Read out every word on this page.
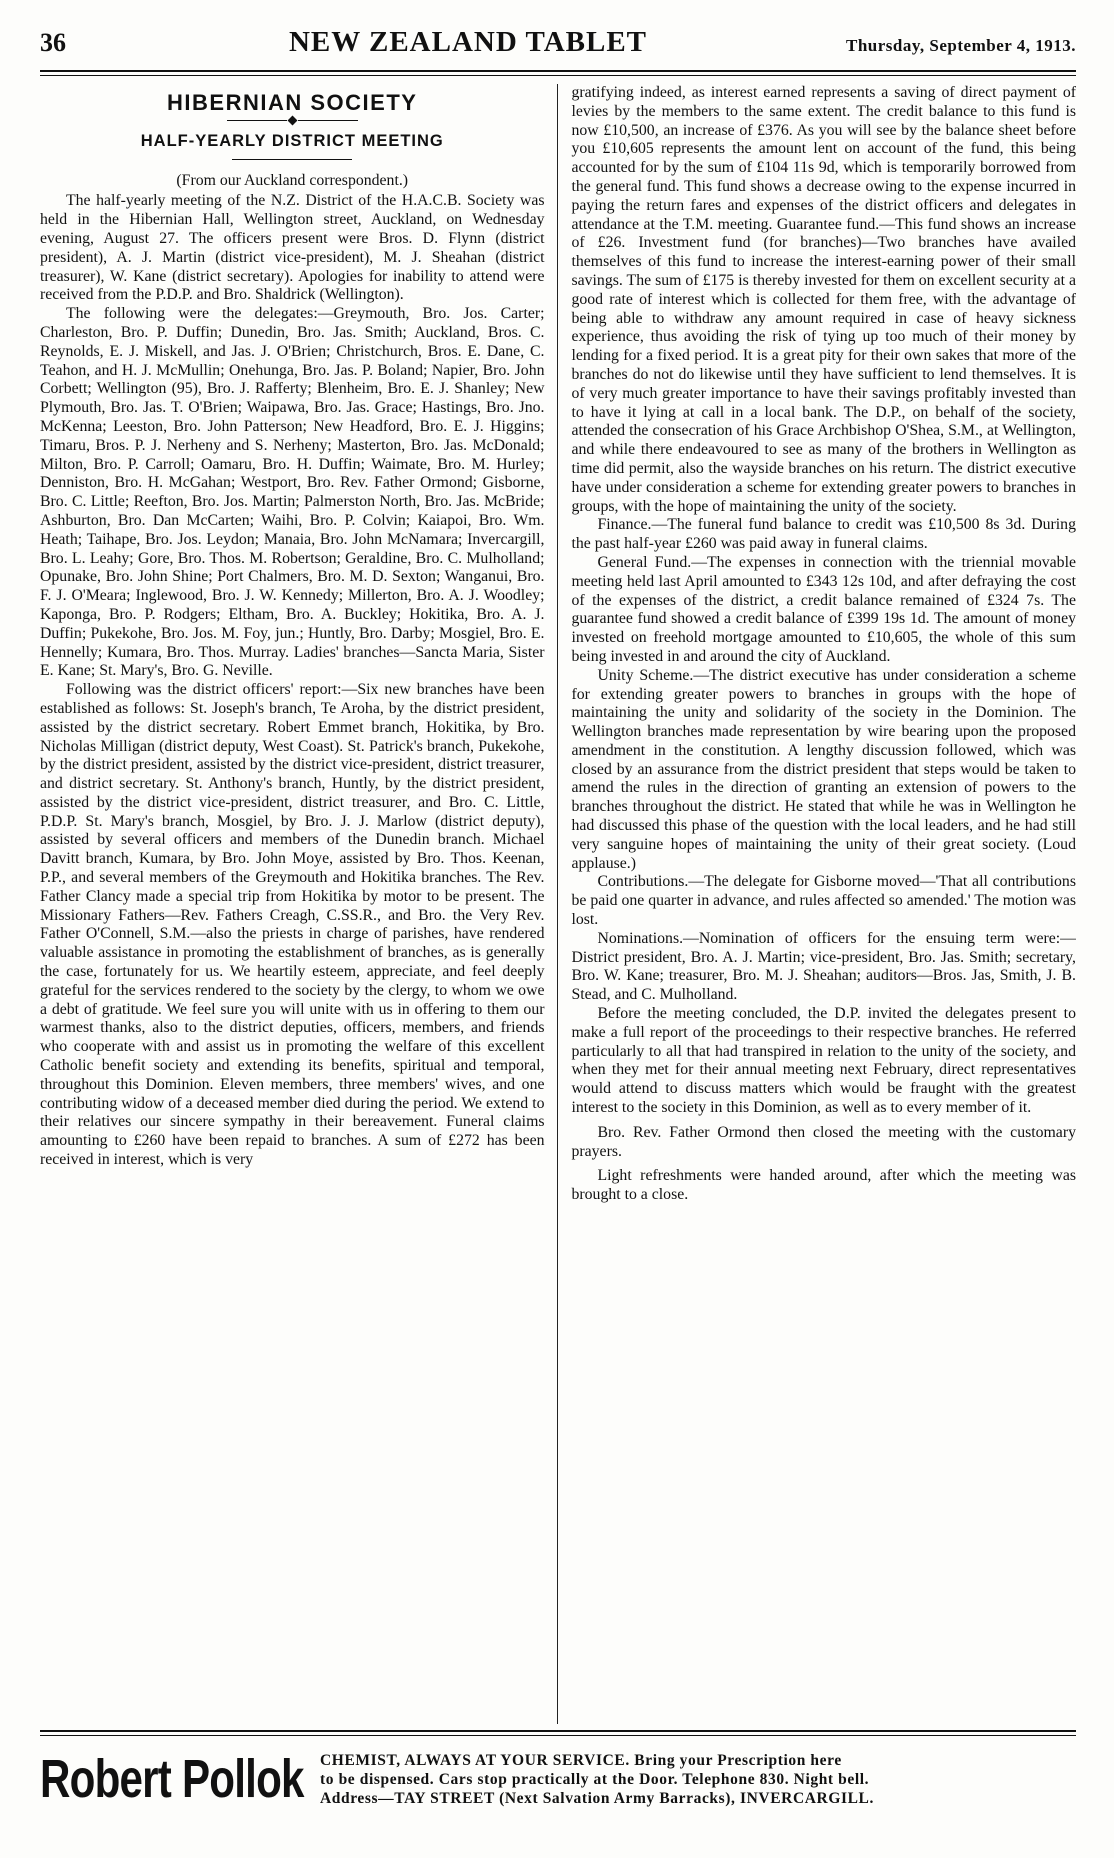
36	NEW ZEALAND TABLET	Thursday, September 4, 1913.
HIBERNIAN SOCIETY
HALF-YEARLY DISTRICT MEETING

(From our Auckland correspondent.)

The half-yearly meeting of the N.Z. District of the H.A.C.B. Society was held in the Hibernian Hall, Wellington street, Auckland, on Wednesday evening, August 27. The officers present were Bros. D. Flynn (district president), A. J. Martin (district vice-president), M. J. Sheahan (district treasurer), W. Kane (district secretary). Apologies for inability to attend were received from the P.D.P. and Bro. Shaldrick (Wellington).

The following were the delegates:—Greymouth, Bro. Jos. Carter; Charleston, Bro. P. Duffin; Dunedin, Bro. Jas. Smith; Auckland, Bros. C. Reynolds, E. J. Miskell, and Jas. J. O'Brien; Christchurch, Bros. E. Dane, C. Teahon, and H. J. McMullin; Onehunga, Bro. Jas. P. Boland; Napier, Bro. John Corbett; Wellington (95), Bro. J. Rafferty; Blenheim, Bro. E. J. Shanley; New Plymouth, Bro. Jas. T. O'Brien; Waipawa, Bro. Jas. Grace; Hastings, Bro. Jno. McKenna; Leeston, Bro. John Patterson; New Headford, Bro. E. J. Higgins; Timaru, Bros. P. J. Nerheny and S. Nerheny; Masterton, Bro. Jas. McDonald; Milton, Bro. P. Carroll; Oamaru, Bro. H. Duffin; Waimate, Bro. M. Hurley; Denniston, Bro. H. McGahan; Westport, Bro. Rev. Father Ormond; Gisborne, Bro. C. Little; Reefton, Bro. Jos. Martin; Palmerston North, Bro. Jas. McBride; Ashburton, Bro. Dan McCarten; Waihi, Bro. P. Colvin; Kaiapoi, Bro. Wm. Heath; Taihape, Bro. Jos. Leydon; Manaia, Bro. John McNamara; Invercargill, Bro. L. Leahy; Gore, Bro. Thos. M. Robertson; Geraldine, Bro. C. Mulholland; Opunake, Bro. John Shine; Port Chalmers, Bro. M. D. Sexton; Wanganui, Bro. F. J. O'Meara; Inglewood, Bro. J. W. Kennedy; Millerton, Bro. A. J. Woodley; Kaponga, Bro. P. Rodgers; Eltham, Bro. A. Buckley; Hokitika, Bro. A. J. Duffin; Pukekohe, Bro. Jos. M. Foy, jun.; Huntly, Bro. Darby; Mosgiel, Bro. E. Hennelly; Kumara, Bro. Thos. Murray. Ladies' branches—Sancta Maria, Sister E. Kane; St. Mary's, Bro. G. Neville.

Following was the district officers' report:—Six new branches have been established as follows: St. Joseph's branch, Te Aroha, by the district president, assisted by the district secretary. Robert Emmet branch, Hokitika, by Bro. Nicholas Milligan (district deputy, West Coast). St. Patrick's branch, Pukekohe, by the district president, assisted by the district vice-president, district treasurer, and district secretary. St. Anthony's branch, Huntly, by the district president, assisted by the district vice-president, district treasurer, and Bro. C. Little, P.D.P. St. Mary's branch, Mosgiel, by Bro. J. J. Marlow (district deputy), assisted by several officers and members of the Dunedin branch. Michael Davitt branch, Kumara, by Bro. John Moye, assisted by Bro. Thos. Keenan, P.P., and several members of the Greymouth and Hokitika branches. The Rev. Father Clancy made a special trip from Hokitika by motor to be present. The Missionary Fathers—Rev. Fathers Creagh, C.SS.R., and Bro. the Very Rev. Father O'Connell, S.M.—also the priests in charge of parishes, have rendered valuable assistance in promoting the establishment of branches, as is generally the case, fortunately for us. We heartily esteem, appreciate, and feel deeply grateful for the services rendered to the society by the clergy, to whom we owe a debt of gratitude. We feel sure you will unite with us in offering to them our warmest thanks, also to the district deputies, officers, members, and friends who cooperate with and assist us in promoting the welfare of this excellent Catholic benefit society and extending its benefits, spiritual and temporal, throughout this Dominion. Eleven members, three members' wives, and one contributing widow of a deceased member died during the period. We extend to their relatives our sincere sympathy in their bereavement. Funeral claims amounting to £260 have been repaid to branches. A sum of £272 has been received in interest, which is very

gratifying indeed, as interest earned represents a saving of direct payment of levies by the members to the same extent. The credit balance to this fund is now £10,500, an increase of £376. As you will see by the balance sheet before you £10,605 represents the amount lent on account of the fund, this being accounted for by the sum of £104 11s 9d, which is temporarily borrowed from the general fund. This fund shows a decrease owing to the expense incurred in paying the return fares and expenses of the district officers and delegates in attendance at the T.M. meeting. Guarantee fund.—This fund shows an increase of £26. Investment fund (for branches)—Two branches have availed themselves of this fund to increase the interest-earning power of their small savings. The sum of £175 is thereby invested for them on excellent security at a good rate of interest which is collected for them free, with the advantage of being able to withdraw any amount required in case of heavy sickness experience, thus avoiding the risk of tying up too much of their money by lending for a fixed period. It is a great pity for their own sakes that more of the branches do not do likewise until they have sufficient to lend themselves. It is of very much greater importance to have their savings profitably invested than to have it lying at call in a local bank. The D.P., on behalf of the society, attended the consecration of his Grace Archbishop O'Shea, S.M., at Wellington, and while there endeavoured to see as many of the brothers in Wellington as time did permit, also the wayside branches on his return. The district executive have under consideration a scheme for extending greater powers to branches in groups, with the hope of maintaining the unity of the society.

Finance.—The funeral fund balance to credit was £10,500 8s 3d. During the past half-year £260 was paid away in funeral claims.

General Fund.—The expenses in connection with the triennial movable meeting held last April amounted to £343 12s 10d, and after defraying the cost of the expenses of the district, a credit balance remained of £324 7s. The guarantee fund showed a credit balance of £399 19s 1d. The amount of money invested on freehold mortgage amounted to £10,605, the whole of this sum being invested in and around the city of Auckland.

Unity Scheme.—The district executive has under consideration a scheme for extending greater powers to branches in groups with the hope of maintaining the unity and solidarity of the society in the Dominion. The Wellington branches made representation by wire bearing upon the proposed amendment in the constitution. A lengthy discussion followed, which was closed by an assurance from the district president that steps would be taken to amend the rules in the direction of granting an extension of powers to the branches throughout the district. He stated that while he was in Wellington he had discussed this phase of the question with the local leaders, and he had still very sanguine hopes of maintaining the unity of their great society. (Loud applause.)

Contributions.—The delegate for Gisborne moved—'That all contributions be paid one quarter in advance, and rules affected so amended.' The motion was lost.

Nominations.—Nomination of officers for the ensuing term were:—District president, Bro. A. J. Martin; vice-president, Bro. Jas. Smith; secretary, Bro. W. Kane; treasurer, Bro. M. J. Sheahan; auditors—Bros. Jas, Smith, J. B. Stead, and C. Mulholland.

Before the meeting concluded, the D.P. invited the delegates present to make a full report of the proceedings to their respective branches. He referred particularly to all that had transpired in relation to the unity of the society, and when they met for their annual meeting next February, direct representatives would attend to discuss matters which would be fraught with the greatest interest to the society in this Dominion, as well as to every member of it.

Bro. Rev. Father Ormond then closed the meeting with the customary prayers.

Light refreshments were handed around, after which the meeting was brought to a close.

Robert Pollok CHEMIST, ALWAYS AT YOUR SERVICE. Bring your Prescription here
to be dispensed. Cars stop practically at the Door. Telephone 830. Night bell.
Address—TAY STREET (Next Salvation Army Barracks), INVERCARGILL.
